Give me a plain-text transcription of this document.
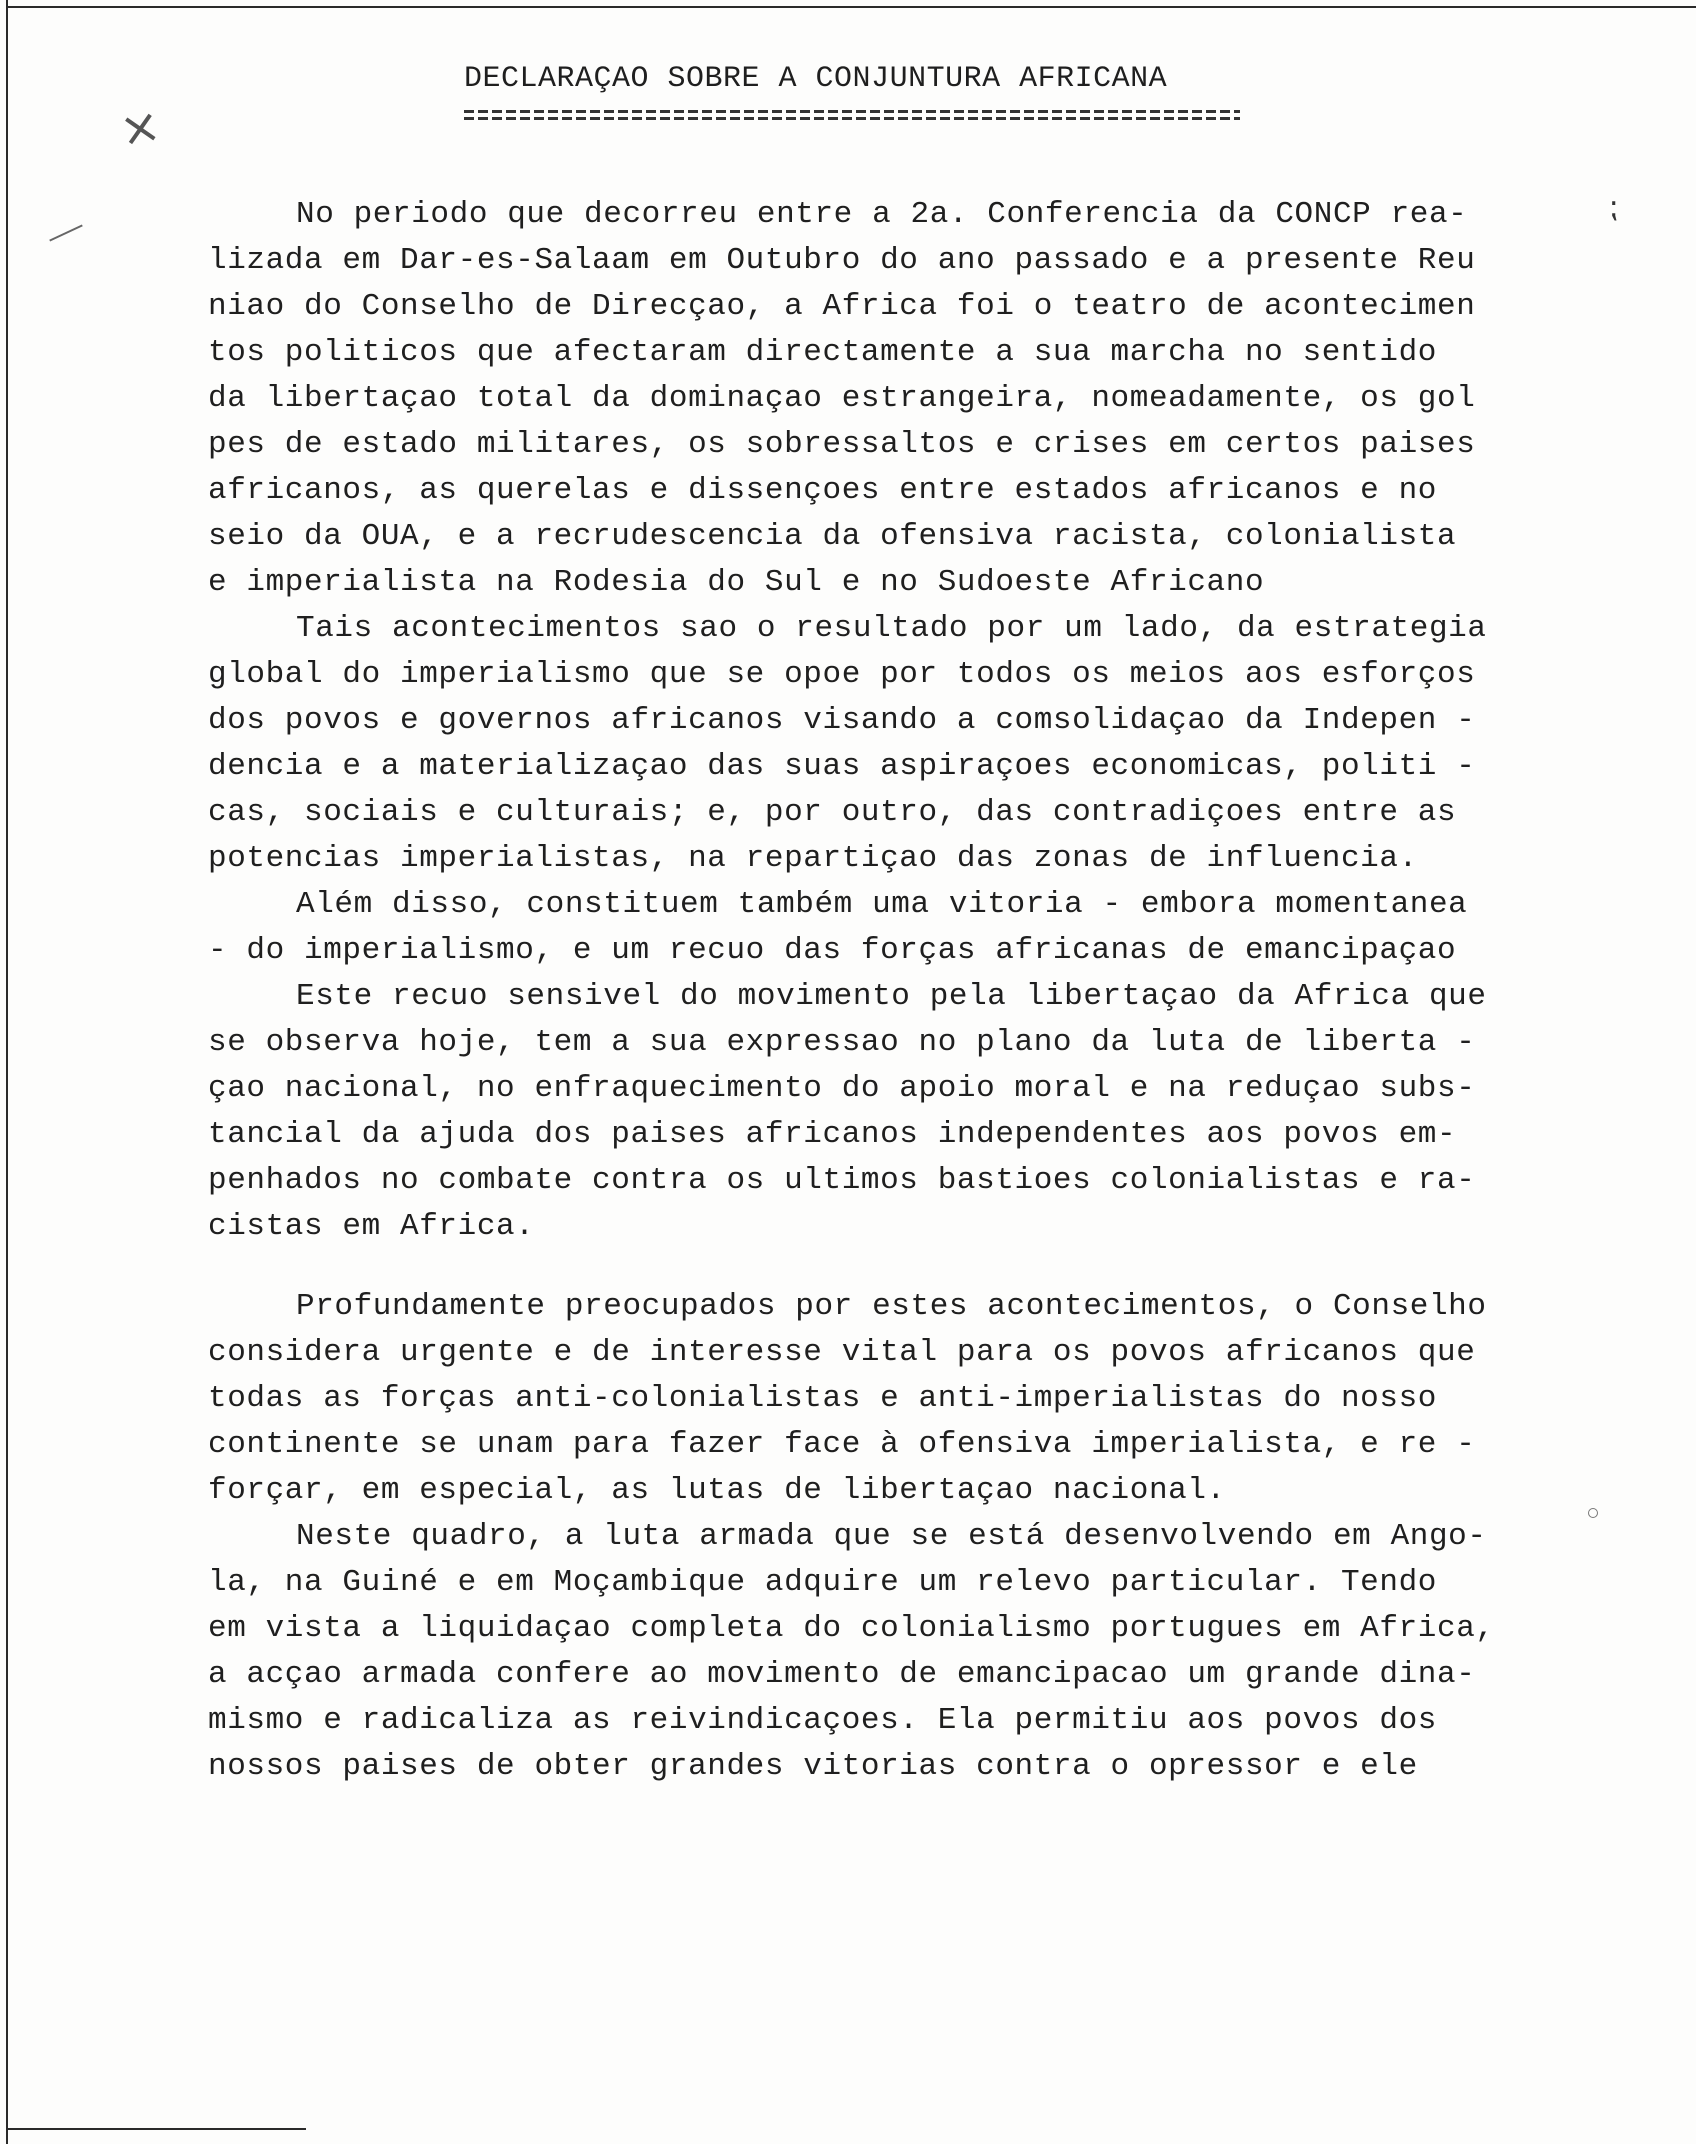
×
⁏
DECLARAÇAO SOBRE A CONJUNTURA AFRICANA
No periodo que decorreu entre a 2a. Conferencia da CONCP rea-
lizada em Dar-es-Salaam em Outubro do ano passado e a presente Reu
niao do Conselho de Direcçao, a Africa foi o teatro de acontecimen
tos politicos que afectaram directamente a sua marcha no sentido
da libertaçao total da dominaçao estrangeira, nomeadamente, os gol
pes de estado militares, os sobressaltos e crises em certos paises
africanos, as querelas e dissençoes entre estados africanos e no
seio da OUA, e a recrudescencia da ofensiva racista, colonialista
e imperialista na Rodesia do Sul e no Sudoeste Africano
Tais acontecimentos sao o resultado por um lado, da estrategia
global do imperialismo que se opoe por todos os meios aos esforços
dos povos e governos africanos visando a comsolidaçao da Indepen -
dencia e a materializaçao das suas aspiraçoes economicas, politi -
cas, sociais e culturais; e, por outro, das contradiçoes entre as
potencias imperialistas, na repartiçao das zonas de influencia.
Além disso, constituem também uma vitoria - embora momentanea
- do imperialismo, e um recuo das forças africanas de emancipaçao
Este recuo sensivel do movimento pela libertaçao da Africa que
se observa hoje, tem a sua expressao no plano da luta de liberta -
çao nacional, no enfraquecimento do apoio moral e na reduçao subs-
tancial da ajuda dos paises africanos independentes aos povos em-
penhados no combate contra os ultimos bastioes colonialistas e ra-
cistas em Africa.
Profundamente preocupados por estes acontecimentos, o Conselho
considera urgente e de interesse vital para os povos africanos que
todas as forças anti-colonialistas e anti-imperialistas do nosso
continente se unam para fazer face à ofensiva imperialista, e re -
forçar, em especial, as lutas de libertaçao nacional.
Neste quadro, a luta armada que se está desenvolvendo em Ango-
la, na Guiné e em Moçambique adquire um relevo particular. Tendo
em vista a liquidaçao completa do colonialismo portugues em Africa,
a acçao armada confere ao movimento de emancipacao um grande dina-
mismo e radicaliza as reivindicaçoes. Ela permitiu aos povos dos
nossos paises de obter grandes vitorias contra o opressor e ele
